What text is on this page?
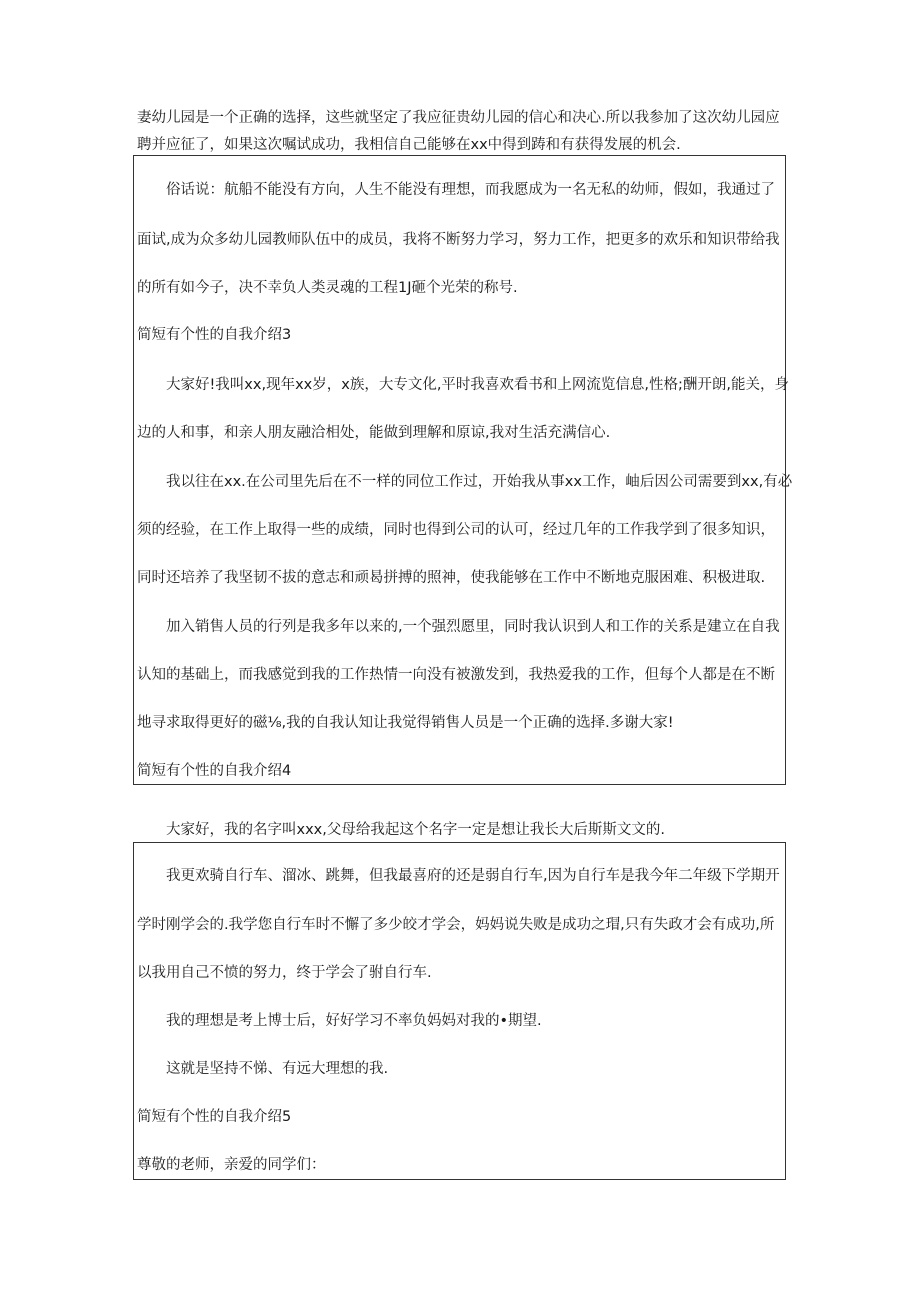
妻幼儿园是一个正确的选择，这些就坚定了我应征贵幼儿园的信心和决心.所以我参加了这次幼儿园应
聘并应征了，如果这次嘱试成功，我相信自己能够在xx中得到踌和有获得发展的机会.
　　俗话说：航船不能没有方向，人生不能没有理想，而我愿成为一名无私的幼师，假如，我通过了
面试,成为众多幼儿园教师队伍中的成员，我将不断努力学习，努力工作，把更多的欢乐和知识带给我
的所有如今子，决不幸负人类灵魂的工程1J砸个光荣的称号.
简短有个性的自我介绍3
　　大家好!我叫xx,现年xx岁，x族，大专文化,平时我喜欢看书和上网流览信息,性格;酬开朗,能关，身
边的人和事，和亲人朋友融洽相处，能做到理解和原谅,我对生活充满信心.
　　我以往在xx.在公司里先后在不一样的同位工作过，开始我从事xx工作，岫后因公司需要到xx,有必
须的经验，在工作上取得一些的成绩，同时也得到公司的认可，经过几年的工作我学到了很多知识，
同时还培养了我坚韧不拔的意志和顽曷拼搏的照神，使我能够在工作中不断地克服困难、积极进取.
　　加入销售人员的行列是我多年以来的,一个强烈愿里，同时我认识到人和工作的关系是建立在自我
认知的基础上，而我感觉到我的工作热情一向没有被激发到，我热爱我的工作，但每个人都是在不断
地寻求取得更好的磁⅛,我的自我认知让我觉得销售人员是一个正确的选择.多谢大家!
简短有个性的自我介绍4
　　大家好，我的名字叫xxx,父母给我起这个名字一定是想让我长大后斯斯文文的.
　　我更欢骑自行车、溜冰、跳舞，但我最喜府的还是弱自行车,因为自行车是我今年二年级下学期开
学时刚学会的.我学您自行车时不懈了多少皎才学会，妈妈说失败是成功之瑁,只有失政才会有成功,所
以我用自己不愤的努力，终于学会了驸自行车.
　　我的理想是考上博士后，好好学习不率负妈妈对我的•期望.
　　这就是坚持不悌、有远大理想的我.
简短有个性的自我介绍5
尊敬的老师，亲爱的同学们：
